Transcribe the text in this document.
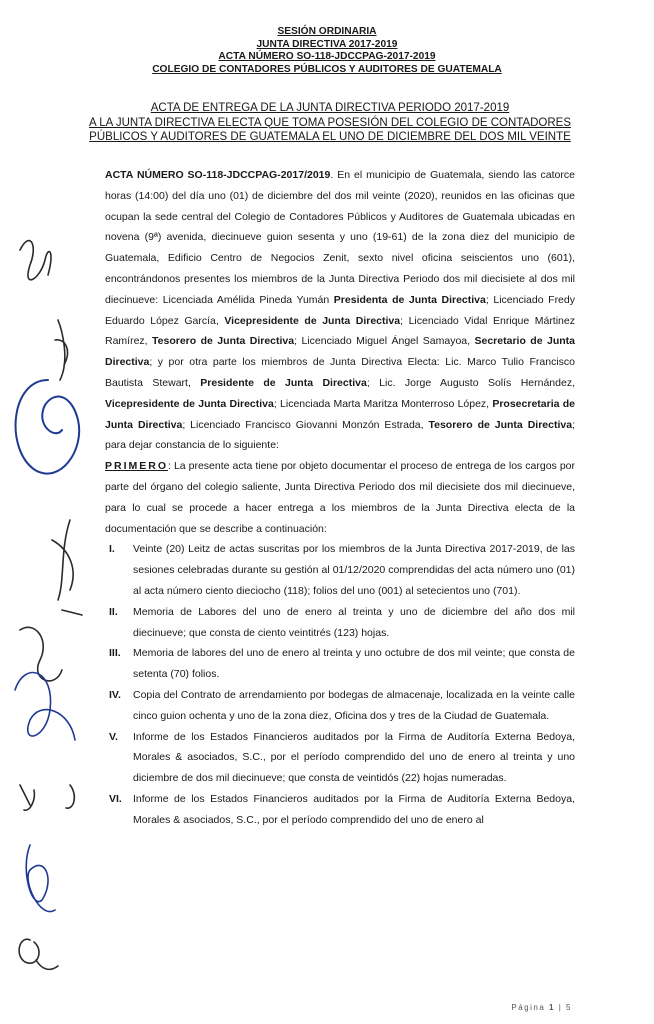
SESIÓN ORDINARIA
JUNTA DIRECTIVA 2017-2019
ACTA NÚMERO SO-118-JDCCPAG-2017-2019
COLEGIO DE CONTADORES PÚBLICOS Y AUDITORES DE GUATEMALA
ACTA DE ENTREGA DE LA JUNTA DIRECTIVA PERIODO 2017-2019
A LA JUNTA DIRECTIVA ELECTA QUE TOMA POSESIÓN DEL COLEGIO DE CONTADORES
PÚBLICOS Y AUDITORES DE GUATEMALA EL UNO DE DICIEMBRE DEL DOS MIL VEINTE

ACTA NÚMERO SO-118-JDCCPAG-2017/2019. En el municipio de Guatemala, siendo las catorce horas (14:00) del día uno (01) de diciembre del dos mil veinte (2020), reunidos en las oficinas que ocupan la sede central del Colegio de Contadores Públicos y Auditores de Guatemala ubicadas en novena (9ª) avenida, diecinueve guion sesenta y uno (19-61) de la zona diez del municipio de Guatemala, Edificio Centro de Negocios Zenit, sexto nivel oficina seiscientos uno (601), encontrándonos presentes los miembros de la Junta Directiva Periodo dos mil diecisiete al dos mil diecinueve: Licenciada Amélida Pineda Yumán Presidenta de Junta Directiva; Licenciado Fredy Eduardo López García, Vicepresidente de Junta Directiva; Licenciado Vidal Enrique Mártinez Ramírez, Tesorero de Junta Directiva; Licenciado Miguel Ángel Samayoa, Secretario de Junta Directiva; y por otra parte los miembros de Junta Directiva Electa: Lic. Marco Tulio Francisco Bautista Stewart, Presidente de Junta Directiva; Lic. Jorge Augusto Solís Hernández, Vicepresidente de Junta Directiva; Licenciada Marta Maritza Monterroso López, Prosecretaria de Junta Directiva; Licenciado Francisco Giovanni Monzón Estrada, Tesorero de Junta Directiva; para dejar constancia de lo siguiente:

PRIMERO: La presente acta tiene por objeto documentar el proceso de entrega de los cargos por parte del órgano del colegio saliente, Junta Directiva Periodo dos mil diecisiete dos mil diecinueve, para lo cual se procede a hacer entrega a los miembros de la Junta Directiva electa de la documentación que se describe a continuación:

I. Veinte (20) Leitz de actas suscritas por los miembros de la Junta Directiva 2017-2019, de las sesiones celebradas durante su gestión al 01/12/2020 comprendidas del acta número uno (01) al acta número ciento dieciocho (118); folios del uno (001) al setecientos uno (701).
II. Memoria de Labores del uno de enero al treinta y uno de diciembre del año dos mil diecinueve; que consta de ciento veintitrés (123) hojas.
III. Memoria de labores del uno de enero al treinta y uno octubre de dos mil veinte; que consta de setenta (70) folios.
IV. Copia del Contrato de arrendamiento por bodegas de almacenaje, localizada en la veinte calle cinco guion ochenta y uno de la zona diez, Oficina dos y tres de la Ciudad de Guatemala.
V. Informe de los Estados Financieros auditados por la Firma de Auditoría Externa Bedoya, Morales & asociados, S.C., por el período comprendido del uno de enero al treinta y uno diciembre de dos mil diecinueve; que consta de veintidós (22) hojas numeradas.
VI. Informe de los Estados Financieros auditados por la Firma de Auditoría Externa Bedoya, Morales & asociados, S.C., por el período comprendido del uno de enero al
Página 1 | 5
